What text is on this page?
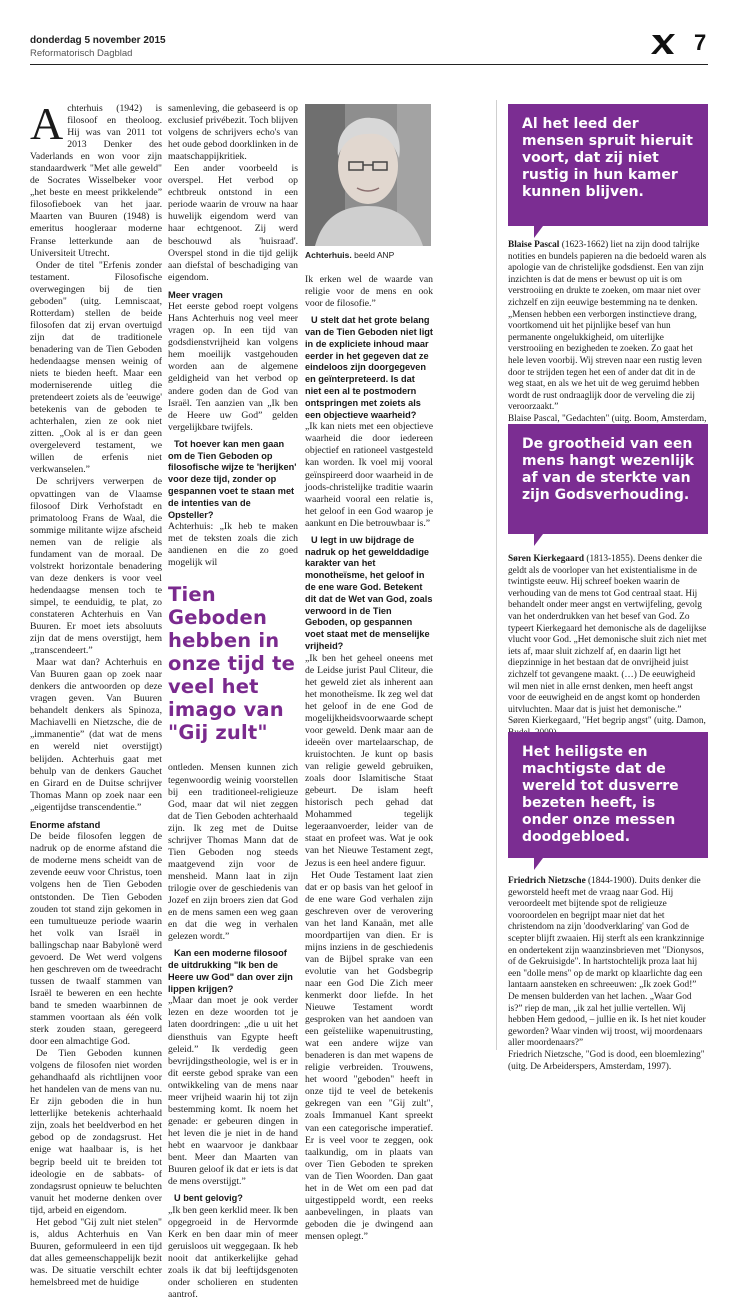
donderdag 5 november 2015
Reformatorisch Dagblad	7

Achterhuis (1942) is filosoof en theoloog. Hij was van 2011 tot 2013 Denker des Vaderlands en won voor zijn standaardwerk "Met alle geweld" de Socrates Wisselbeker voor „het beste en meest prikkelende” filosofieboek van het jaar. Maarten van Buuren (1948) is emeritus hoogleraar moderne Franse letterkunde aan de Universiteit Utrecht.

Onder de titel "Erfenis zonder testament. Filosofische overwegingen bij de tien geboden" (uitg. Lemniscaat, Rotterdam) stellen de beide filosofen dat zij ervan overtuigd zijn dat de traditionele benadering van de Tien Geboden hedendaagse mensen weinig of niets te bieden heeft. Maar een moderniserende uitleg die pretendeert zoiets als de 'eeuwige' betekenis van de geboden te achterhalen, zien ze ook niet zitten. „Ook al is er dan geen overgeleverd testament, we willen de erfenis niet verkwanselen.”

De schrijvers verwerpen de opvattingen van de Vlaamse filosoof Dirk Verhofstadt en primatoloog Frans de Waal, die sommige militante wijze afscheid nemen van de religie als fundament van de moraal. De volstrekt horizontale benadering van deze denkers is voor veel hedendaagse mensen toch te simpel, te eenduidig, te plat, zo constateren Achterhuis en Van Buuren. Er moet iets absoluuts zijn dat de mens overstijgt, hem „transcendeert.”

Maar wat dan? Achterhuis en Van Buuren gaan op zoek naar denkers die antwoorden op deze vragen geven. Van Buuren behandelt denkers als Spinoza, Machiavelli en Nietzsche, die de „immanentie” (dat wat de mens en wereld niet overstijgt) belijden. Achterhuis gaat met behulp van de denkers Gauchet en Girard en de Duitse schrijver Thomas Mann op zoek naar een „eigentijdse transcendentie.”

Enorme afstand

De beide filosofen leggen de nadruk op de enorme afstand die de moderne mens scheidt van de zevende eeuw voor Christus, toen volgens hen de Tien Geboden ontstonden. De Tien Geboden zouden tot stand zijn gekomen in een tumultueuze periode waarin het volk van Israël in ballingschap naar Babylonë werd gevoerd. De Wet werd volgens hen geschreven om de tweedracht tussen de twaalf stammen van Israël te beweren en een hechte band te smeden waarbinnen de stammen voortaan als één volk sterk zouden staan, geregeerd door een almachtige God.

De Tien Geboden kunnen volgens de filosofen niet worden gehandhaafd als richtlijnen voor het handelen van de mens van nu. Er zijn geboden die in hun letterlijke betekenis achterhaald zijn, zoals het beeldverbod en het gebod op de zondagsrust. Het enige wat haalbaar is, is het begrip beeld uit te breiden tot ideologie en de sabbats- of zondagsrust opnieuw te beluchten vanuit het moderne denken over tijd, arbeid en eigendom.

Het gebod "Gij zult niet stelen" is, aldus Achterhuis en Van Buuren, geformuleerd in een tijd dat alles gemeenschappelijk bezit was. De situatie verschilt echter hemelsbreed met de huidige

samenleving, die gebaseerd is op exclusief privébezit. Toch blijven volgens de schrijvers echo's van het oude gebod doorklinken in de maatschappijkritiek.

Een ander voorbeeld is overspel. Het verbod op echtbreuk ontstond in een periode waarin de vrouw na haar huwelijk eigendom werd van haar echtgenoot. Zij werd beschouwd als 'huisraad'. Overspel stond in die tijd gelijk aan diefstal of beschadiging van eigendom.

Meer vragen

Het eerste gebod roept volgens Hans Achterhuis nog veel meer vragen op. In een tijd van godsdienstvrijheid kan volgens hem moeilijk vastgehouden worden aan de algemene geldigheid van het verbod op andere goden dan de God van Israël. Ten aanzien van „Ik ben de Heere uw God” gelden vergelijkbare twijfels.

Tot hoever kan men gaan om de Tien Geboden op filosofische wijze te 'herijken' voor deze tijd, zonder op gespannen voet te staan met de intenties van de Opsteller?

Achterhuis: „Ik heb te maken met de teksten zoals die zich aandienen en die zo goed mogelijk wil

Tien Geboden hebben in onze tijd te veel het imago van "Gij zult"

ontleden. Mensen kunnen zich tegenwoordig weinig voorstellen bij een traditioneel-religieuze God, maar dat wil niet zeggen dat de Tien Geboden achterhaald zijn. Ik zeg met de Duitse schrijver Thomas Mann dat de Tien Geboden nog steeds maatgevend zijn voor de mensheid. Mann laat in zijn trilogie over de geschiedenis van Jozef en zijn broers zien dat God en de mens samen een weg gaan en dat die weg in verhalen gelezen wordt.”

Kan een moderne filosoof de uitdrukking "Ik ben de Heere uw God" dan over zijn lippen krijgen?

„Maar dan moet je ook verder lezen en deze woorden tot je laten doordringen: „die u uit het diensthuis van Egypte heeft geleid.” Ik verdedig geen bevrijdingstheologie, wel is er in dit eerste gebod sprake van een ontwikkeling van de mens naar meer vrijheid waarin hij tot zijn bestemming komt. Ik noem het genade: er gebeuren dingen in het leven die je niet in de hand hebt en waarvoor je dankbaar bent. Meer dan Maarten van Buuren geloof ik dat er iets is dat de mens overstijgt.”

U bent gelovig?

„Ik ben geen kerklid meer. Ik ben opgegroeid in de Hervormde Kerk en ben daar min of meer geruisloos uit weggegaan. Ik heb nooit dat antikerkelijke gehad zoals ik dat bij leeftijdsgenoten onder scholieren en studenten aantrof.

Achterhuis. beeld ANP

Ik erken wel de waarde van religie voor de mens en ook voor de filosofie.”

U stelt dat het grote belang van de Tien Geboden niet ligt in de expliciete inhoud maar eerder in het gegeven dat ze eindeloos zijn doorgegeven en geïnterpreteerd. Is dat niet een al te postmodern ontspringen met zoiets als een objectieve waarheid?

„Ik kan niets met een objectieve waarheid die door iedereen objectief en rationeel vastgesteld kan worden. Ik voel mij vooral geïnspireerd door waarheid in de joods-christelijke traditie waarin waarheid vooral een relatie is, het geloof in een God waarop je aankunt en Die betrouwbaar is.”

U legt in uw bijdrage de nadruk op het gewelddadige karakter van het monotheïsme, het geloof in de ene ware God. Betekent dit dat de Wet van God, zoals verwoord in de Tien Geboden, op gespannen voet staat met de menselijke vrijheid?

„Ik ben het geheel oneens met de Leidse jurist Paul Cliteur, die het geweld ziet als inherent aan het monotheïsme. Ik zeg wel dat het geloof in de ene God de mogelijkheidsvoorwaarde schept voor geweld. Denk maar aan de ideeën over martelaarschap, de kruistochten. Je kunt op basis van religie geweld gebruiken, zoals door Islamitische Staat gebeurt. De islam heeft historisch pech gehad dat Mohammed tegelijk legeraanvoerder, leider van de staat en profeet was. Wat je ook van het Nieuwe Testament zegt, Jezus is een heel andere figuur.

Het Oude Testament laat zien dat er op basis van het geloof in de ene ware God verhalen zijn geschreven over de verovering van het land Kanaän, met alle moordpartijen van dien. Er is mijns inziens in de geschiedenis van de Bijbel sprake van een evolutie van het Godsbegrip naar een God Die Zich meer kenmerkt door liefde. In het Nieuwe Testament wordt gesproken van het aandoen van een geïsteliike wapenuitrusting, wat een andere wijze van benaderen is dan met wapens de religie verbreiden. Trouwens, het woord "geboden" heeft in onze tijd te veel de betekenis gekregen van een "Gij zult", zoals Immanuel Kant spreekt van een categorische imperatief. Er is veel voor te zeggen, ook taalkundig, om in plaats van over Tien Geboden te spreken van de Tien Woorden. Dan gaat het in de Wet om een pad dat uitgestippeld wordt, een reeks aanbevelingen, in plaats van geboden die je dwingend aan mensen oplegt.”

Al het leed der mensen spruit hieruit voort, dat zij niet rustig in hun kamer kunnen blijven.

Blaise Pascal (1623-1662) liet na zijn dood talrijke notities en bundels papieren na die bedoeld waren als apologie van de christelijke godsdienst. Een van zijn inzichten is dat de mens er bewust op uit is om verstrooiing en drukte te zoeken, om maar niet over zichzelf en zijn eeuwige bestemming na te denken. „Mensen hebben een verborgen instinctieve drang, voortkomend uit het pijnlijke besef van hun permanente ongelukkigheid, om uiterlijke verstrooiing en bezigheden te zoeken. Zo gaat het hele leven voorbij. Wij streven naar een rustig leven door te strijden tegen het een of ander dat dit in de weg staat, en als we het uit de weg geruimd hebben wordt de rust ondraaglijk door de verveling die zij veroorzaakt.”

Blaise Pascal, "Gedachten" (uitg. Boom, Amsterdam,

De grootheid van een mens hangt wezenlijk af van de sterkte van zijn Godsverhouding.

Søren Kierkegaard (1813-1855). Deens denker die geldt als de voorloper van het existentialisme in de twintigste eeuw. Hij schreef boeken waarin de verhouding van de mens tot God centraal staat. Hij behandelt onder meer angst en vertwijfeling, gevolg van het onderdrukken van het besef van God. Zo typeert Kierkegaard het demonische als de dagelijkse vlucht voor God. „Het demonische sluit zich niet met iets af, maar sluit zichzelf af, en daarin ligt het diepzinnige in het bestaan dat de onvrijheid juist zichzelf tot gevangene maakt. (…) De eeuwigheid wil men niet in alle ernst denken, men heeft angst voor de eeuwigheid en de angst komt op honderden uitvluchten. Maar dat is juist het demonische.”

Søren Kierkegaard, "Het begrip angst" (uitg. Damon,

Het heiligste en machtigste dat de wereld tot dusverre bezeten heeft, is onder onze messen doodgebloed.

Friedrich Nietzsche (1844-1900). Duits denker die geworsteld heeft met de vraag naar God. Hij veroordeelt met bijtende spot de religieuze vooroordelen en begrijpt maar niet dat het christendom na zijn 'doodverklaring' van God de scepter blijft zwaaien. Hij sterft als een krankzinnige en ondertekent zijn waanzinsbrieven met "Dionysos, of de Gekruisigde". In hartstochtelijk proza laat hij een "dolle mens" op de markt op klaarlichte dag een lantaarn aansteken en schreeuwen: „Ik zoek God!” De mensen bulderden van het lachen. „Waar God is?” riep de man, „ik zal het jullie vertellen. Wij hebben Hem gedood, – jullie en ik. Is het niet kouder geworden? Waar vinden wij troost, wij moordenaars aller moordenaars?”

Friedrich Nietzsche, "God is dood, een bloemlezing" (uitg. De Arbeiderspers, Amsterdam, 1997).
